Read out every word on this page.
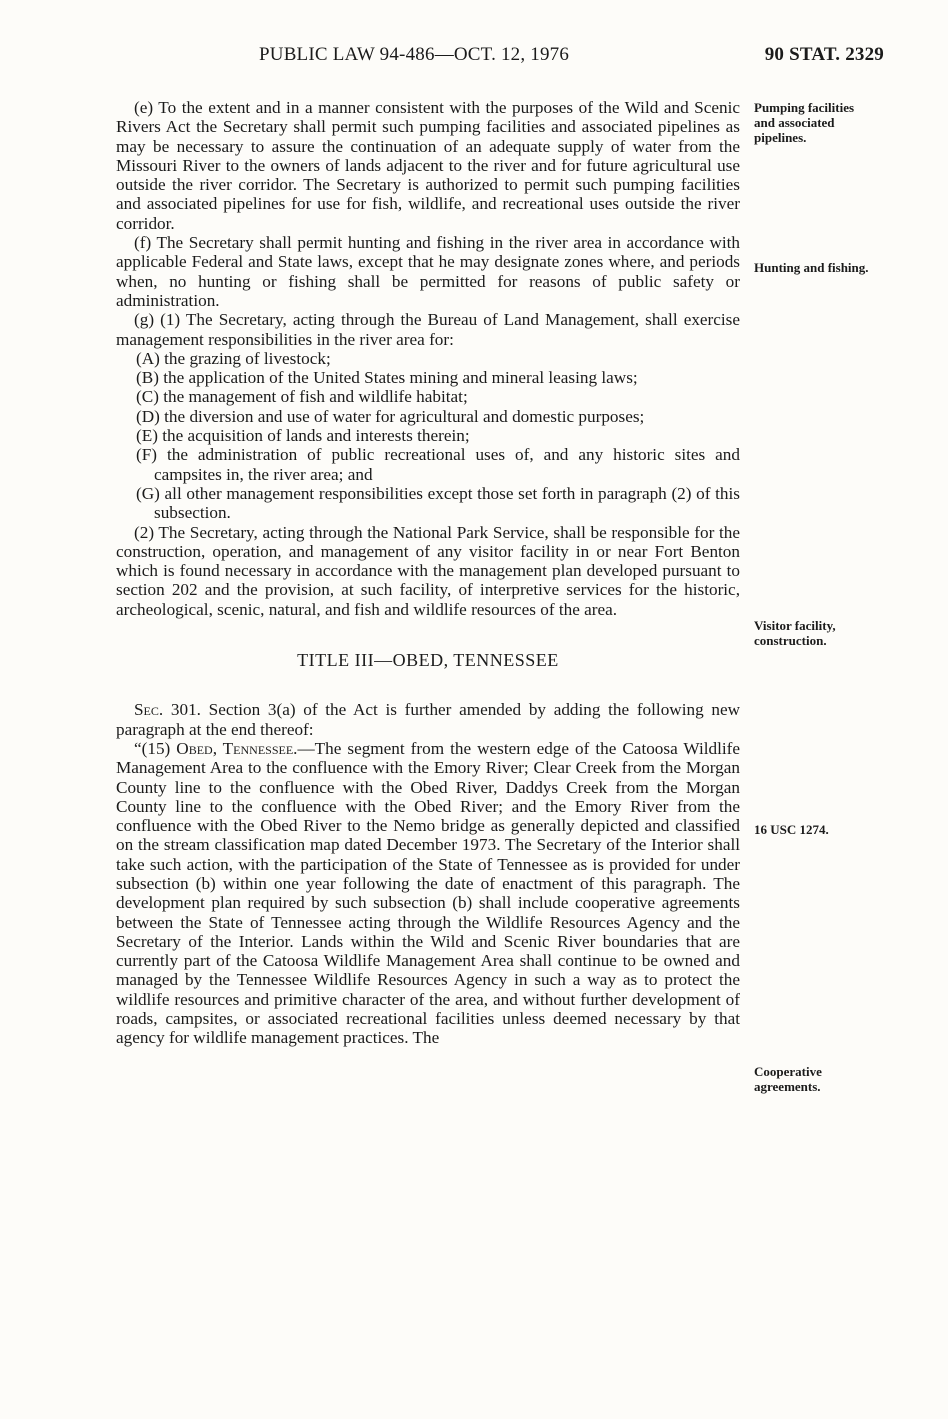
PUBLIC LAW 94-486—OCT. 12, 1976	90 STAT. 2329

(e) To the extent and in a manner consistent with the purposes of the Wild and Scenic Rivers Act the Secretary shall permit such pumping facilities and associated pipelines as may be necessary to assure the continuation of an adequate supply of water from the Missouri River to the owners of lands adjacent to the river and for future agricultural use outside the river corridor. The Secretary is authorized to permit such pumping facilities and associated pipelines for use for fish, wildlife, and recreational uses outside the river corridor.

(f) The Secretary shall permit hunting and fishing in the river area in accordance with applicable Federal and State laws, except that he may designate zones where, and periods when, no hunting or fishing shall be permitted for reasons of public safety or administration.

(g) (1) The Secretary, acting through the Bureau of Land Management, shall exercise management responsibilities in the river area for:

(A) the grazing of livestock;

(B) the application of the United States mining and mineral leasing laws;

(C) the management of fish and wildlife habitat;

(D) the diversion and use of water for agricultural and domestic purposes;

(E) the acquisition of lands and interests therein;

(F) the administration of public recreational uses of, and any historic sites and campsites in, the river area; and

(G) all other management responsibilities except those set forth in paragraph (2) of this subsection.

(2) The Secretary, acting through the National Park Service, shall be responsible for the construction, operation, and management of any visitor facility in or near Fort Benton which is found necessary in accordance with the management plan developed pursuant to section 202 and the provision, at such facility, of interpretive services for the historic, archeological, scenic, natural, and fish and wildlife resources of the area.

TITLE III—OBED, TENNESSEE

Sec. 301. Section 3(a) of the Act is further amended by adding the following new paragraph at the end thereof:

“(15) Obed, Tennessee.—The segment from the western edge of the Catoosa Wildlife Management Area to the confluence with the Emory River; Clear Creek from the Morgan County line to the confluence with the Obed River, Daddys Creek from the Morgan County line to the confluence with the Obed River; and the Emory River from the confluence with the Obed River to the Nemo bridge as generally depicted and classified on the stream classification map dated December 1973. The Secretary of the Interior shall take such action, with the participation of the State of Tennessee as is provided for under subsection (b) within one year following the date of enactment of this paragraph. The development plan required by such subsection (b) shall include cooperative agreements between the State of Tennessee acting through the Wildlife Resources Agency and the Secretary of the Interior. Lands within the Wild and Scenic River boundaries that are currently part of the Catoosa Wildlife Management Area shall continue to be owned and managed by the Tennessee Wildlife Resources Agency in such a way as to protect the wildlife resources and primitive character of the area, and without further development of roads, campsites, or associated recreational facilities unless deemed necessary by that agency for wildlife management practices. The

Pumping facilities and associated pipelines.
Hunting and fishing.
Visitor facility, construction.
16 USC 1274.
Cooperative agreements.
